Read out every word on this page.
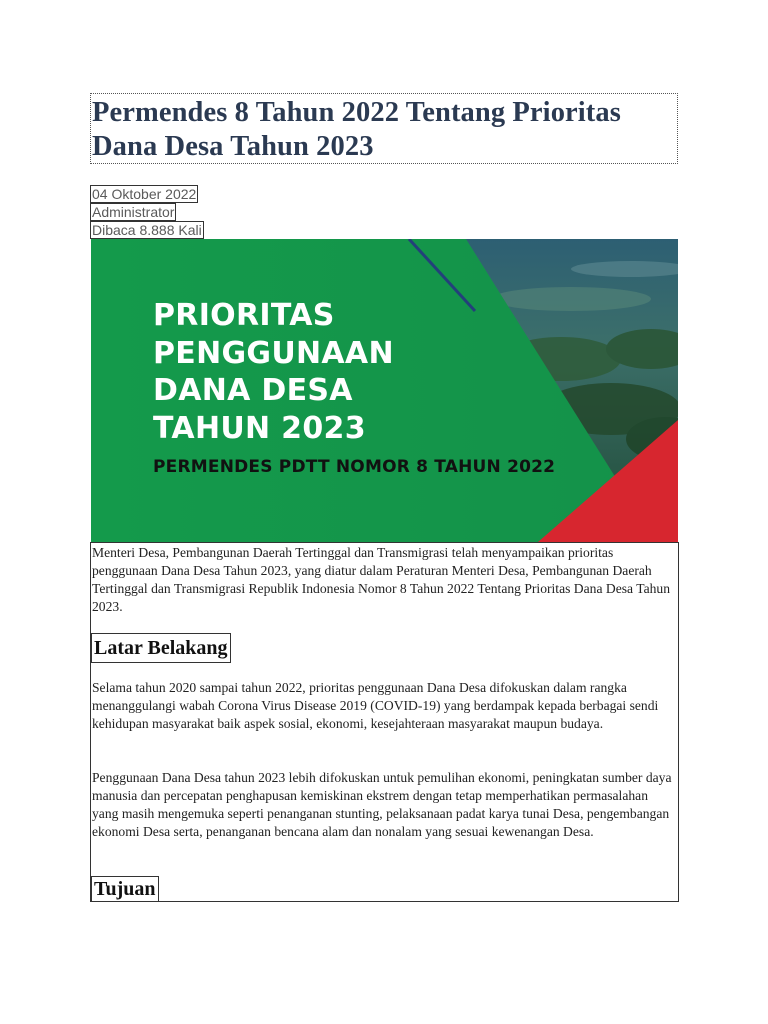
Permendes 8 Tahun 2022 Tentang Prioritas Dana Desa Tahun 2023
04 Oktober 2022
Administrator
Dibaca 8.888 Kali
PRIORITAS
PENGGUNAAN
DANA DESA
TAHUN 2023

PERMENDES PDTT NOMOR 8 TAHUN 2022

Menteri Desa, Pembangunan Daerah Tertinggal dan Transmigrasi telah menyampaikan prioritas penggunaan Dana Desa Tahun 2023, yang diatur dalam Peraturan Menteri Desa, Pembangunan Daerah Tertinggal dan Transmigrasi Republik Indonesia Nomor 8 Tahun 2022 Tentang Prioritas Dana Desa Tahun 2023.

Latar Belakang

Selama tahun 2020 sampai tahun 2022, prioritas penggunaan Dana Desa difokuskan dalam rangka menanggulangi wabah Corona Virus Disease 2019 (COVID-19) yang berdampak kepada berbagai sendi kehidupan masyarakat baik aspek sosial, ekonomi, kesejahteraan masyarakat maupun budaya.

Penggunaan Dana Desa tahun 2023 lebih difokuskan untuk pemulihan ekonomi, peningkatan sumber daya manusia dan percepatan penghapusan kemiskinan ekstrem dengan tetap memperhatikan permasalahan yang masih mengemuka seperti penanganan stunting, pelaksanaan padat karya tunai Desa, pengembangan ekonomi Desa serta, penanganan bencana alam dan nonalam yang sesuai kewenangan Desa.

Tujuan
